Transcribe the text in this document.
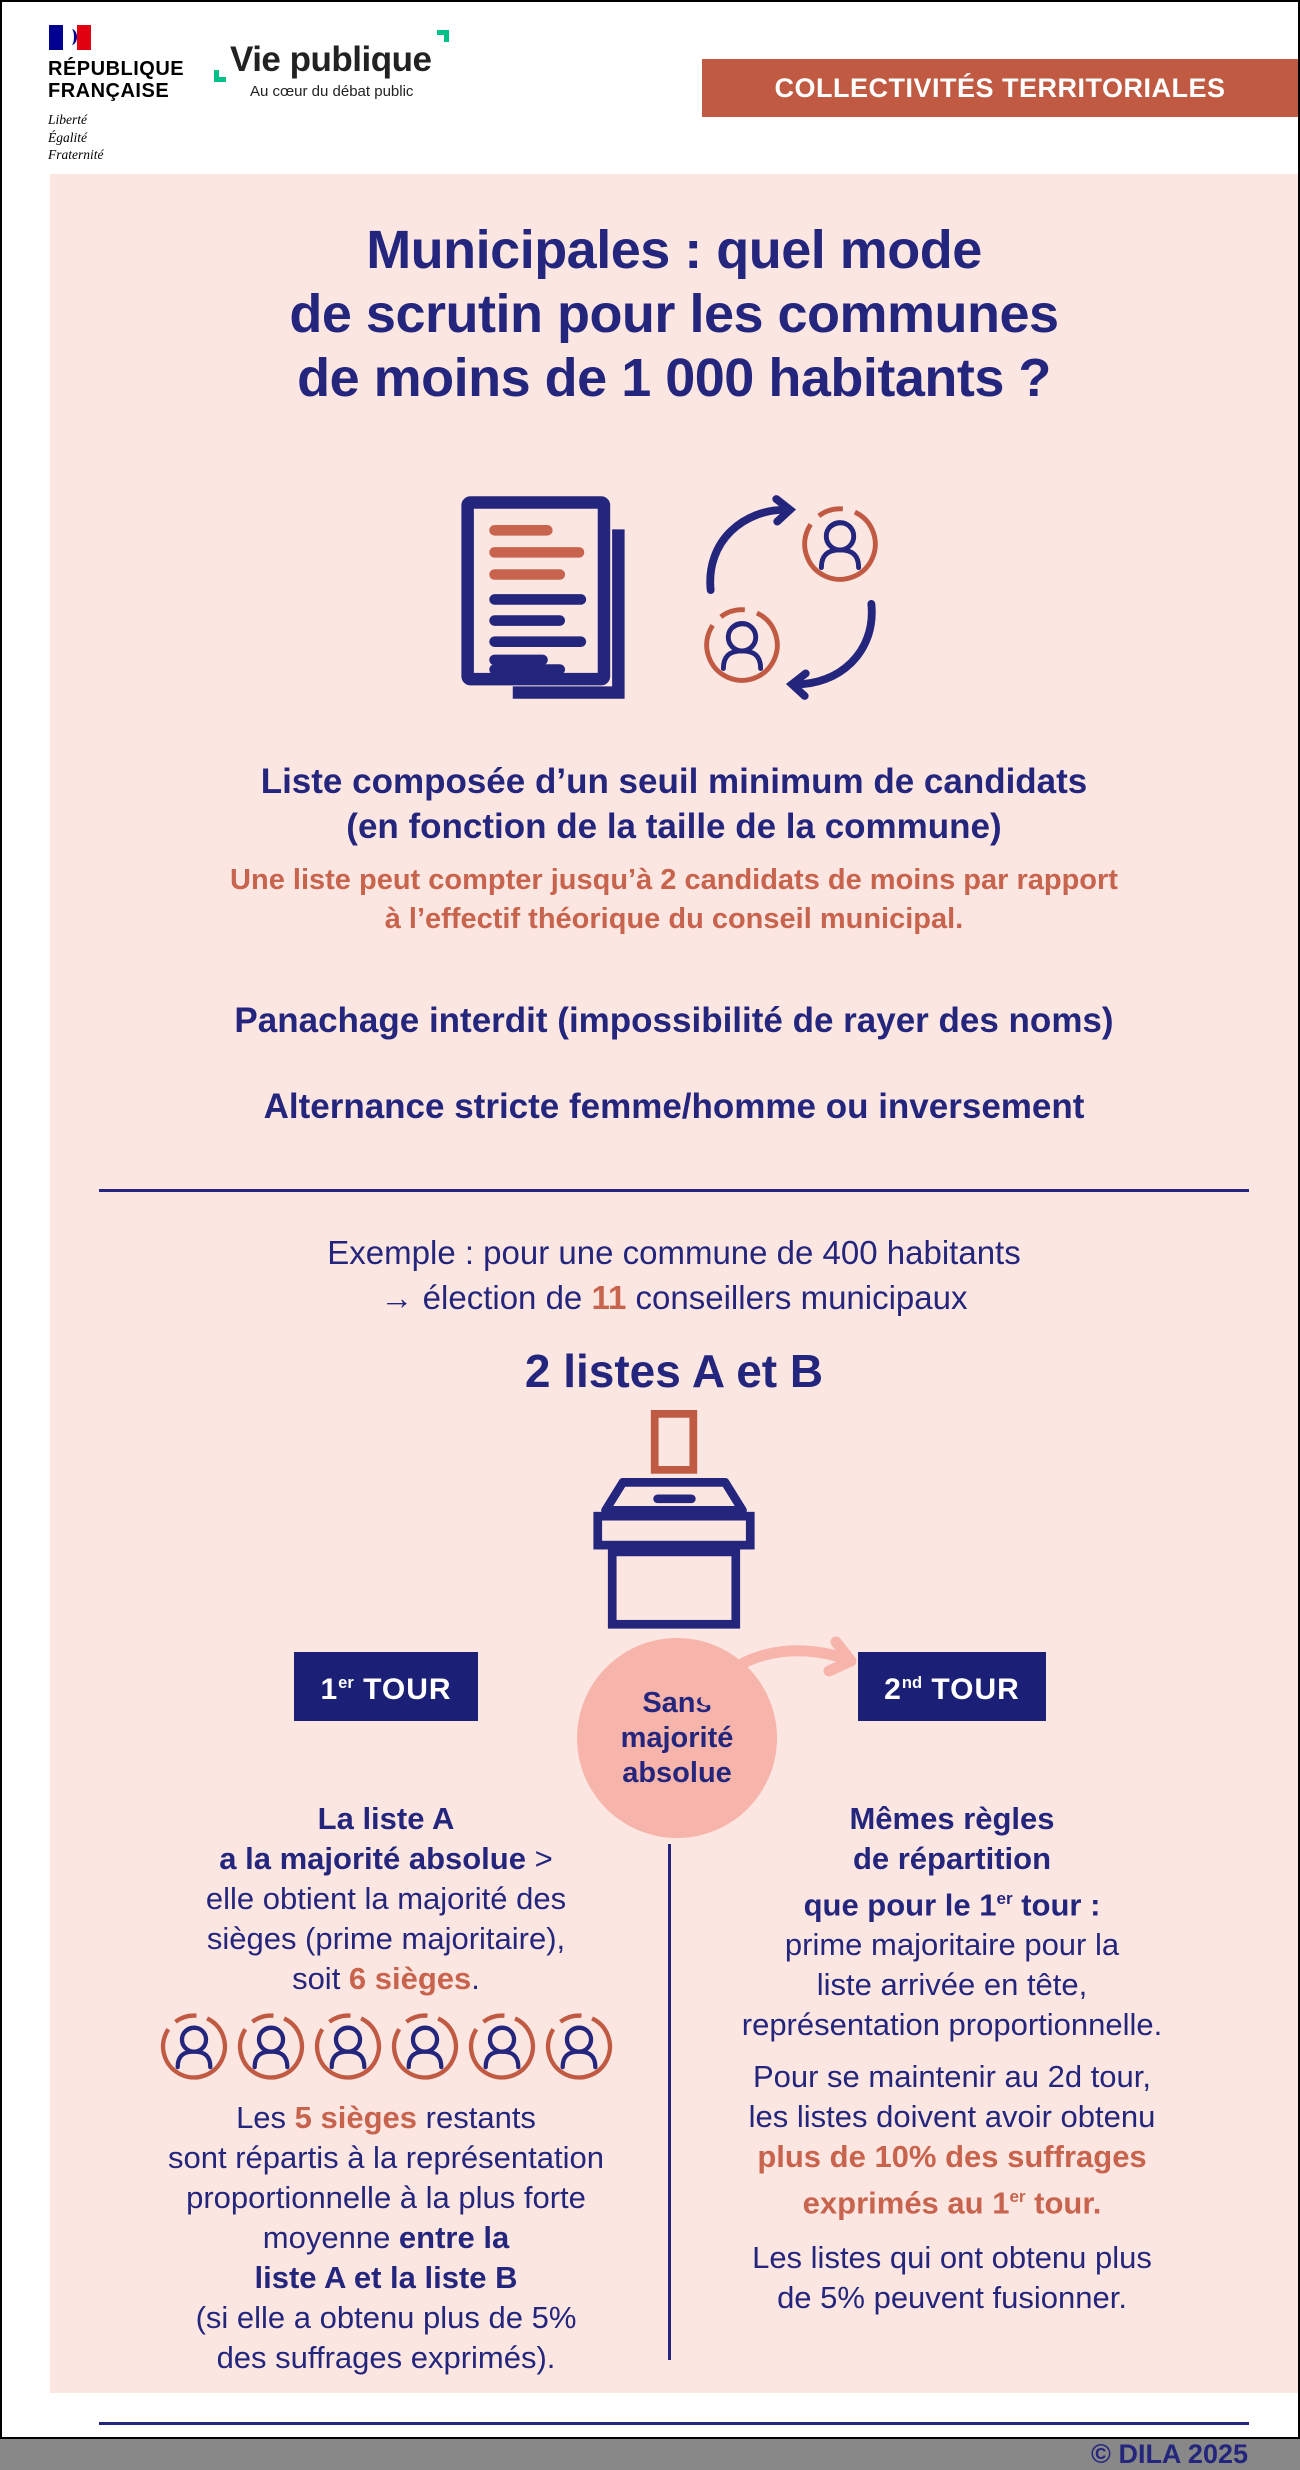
RÉPUBLIQUE
FRANÇAISE
Liberté
Égalité
Fraternité
Vie publique
Au cœur du débat public	COLLECTIVITÉS TERRITORIALES
Municipales : quel mode
de scrutin pour les communes
de moins de 1 000 habitants ?
Liste composée d’un seuil minimum de candidats
(en fonction de la taille de la commune)
Une liste peut compter jusqu’à 2 candidats de moins par rapport
à l’effectif théorique du conseil municipal.
Panachage interdit (impossibilité de rayer des noms)
Alternance stricte femme/homme ou inversement
Exemple : pour une commune de 400 habitants
→ élection de 11 conseillers municipaux
2 listes A et B
1er TOUR
La liste A
a la majorité absolue >
elle obtient la majorité des
sièges (prime majoritaire),
soit 6 sièges.
Les 5 sièges restants
sont répartis à la représentation
proportionnelle à la plus forte
moyenne entre la
liste A et la liste B
(si elle a obtenu plus de 5%
des suffrages exprimés).
2nd TOUR
Mêmes règles
de répartition
que pour le 1er tour :
prime majoritaire pour la
liste arrivée en tête,
représentation proportionnelle.
Pour se maintenir au 2d tour,
les listes doivent avoir obtenu
plus de 10% des suffrages
exprimés au 1er tour.
Les listes qui ont obtenu plus
de 5% peuvent fusionner.
Sans
majorité
absolue
© DILA 2025
